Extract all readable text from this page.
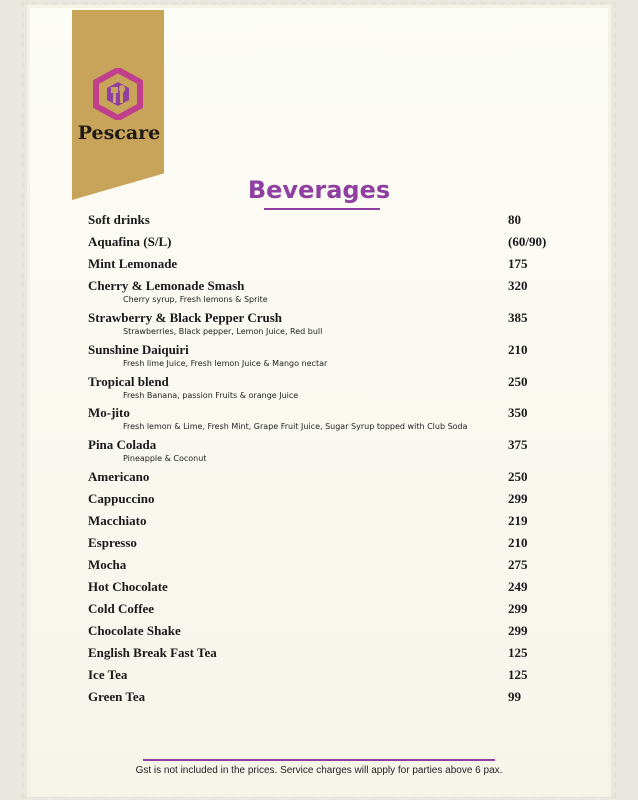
Pescare
Beverages
Soft drinks	80
Aquafina (S/L)	(60/90)
Mint Lemonade	175
Cherry & Lemonade Smash	320
Cherry syrup, Fresh lemons & Sprite
Strawberry & Black Pepper Crush	385
Strawberries, Black pepper, Lemon Juice, Red bull
Sunshine Daiquiri	210
Fresh lime Juice, Fresh lemon Juice & Mango nectar
Tropical blend	250
Fresh Banana, passion Fruits & orange Juice
Mo-jito	350
Fresh lemon & Lime, Fresh Mint, Grape Fruit Juice, Sugar Syrup topped with Club Soda
Pina Colada	375
Pineapple & Coconut
Americano	250
Cappuccino	299
Macchiato	219
Espresso	210
Mocha	275
Hot Chocolate	249
Cold Coffee	299
Chocolate Shake	299
English Break Fast Tea	125
Ice Tea	125
Green Tea	99
Gst is not included in the prices. Service charges will apply for parties above 6 pax.
